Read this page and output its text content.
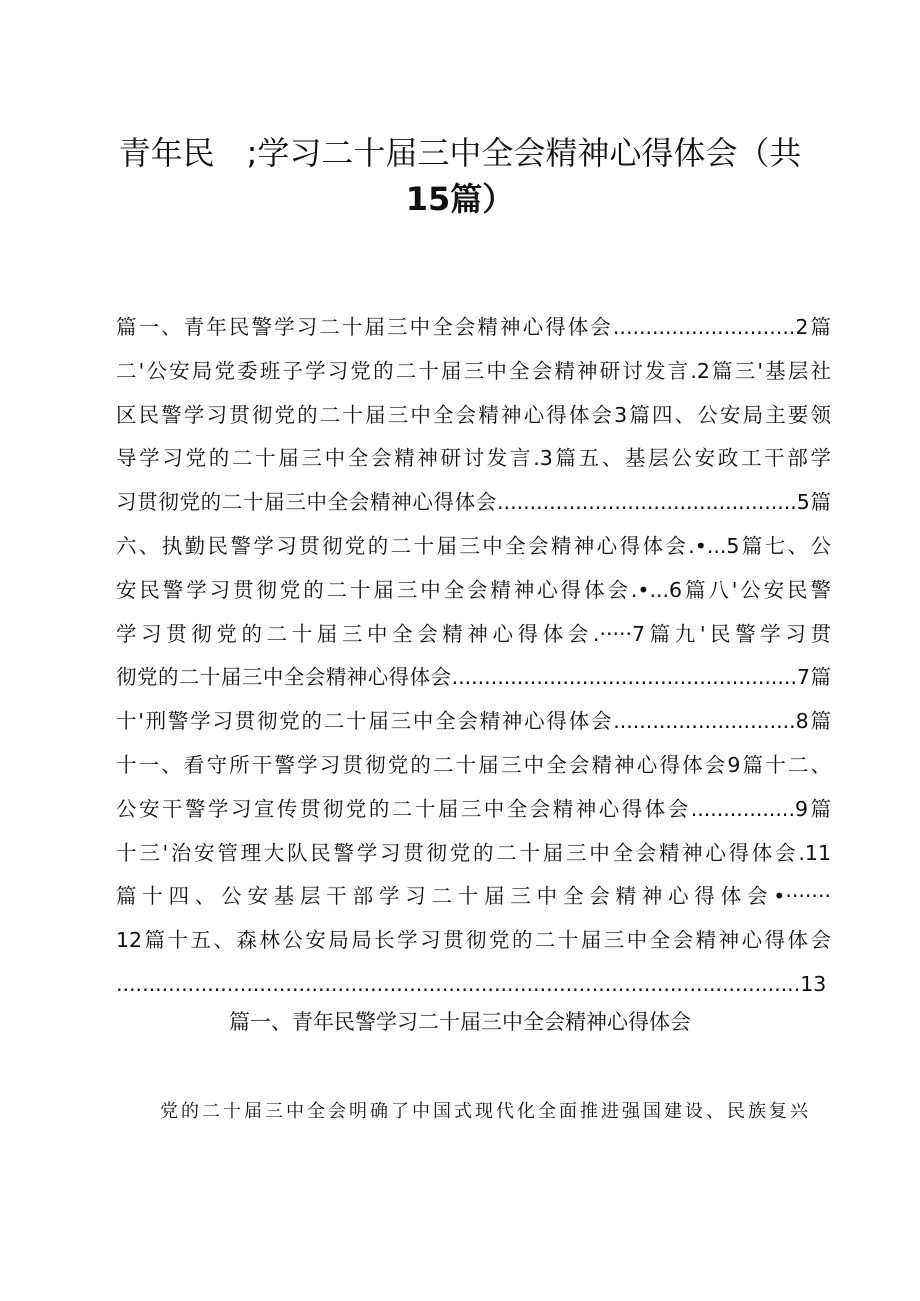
青年民　;学习二十届三中全会精神心得体会（共
15篇）
篇一、青年民警学习二十届三中全会精神心得体会............................2篇
二'公安局党委班子学习党的二十届三中全会精神研讨发言.2篇三'基层社
区民警学习贯彻党的二十届三中全会精神心得体会3篇四、公安局主要领
导学习党的二十届三中全会精神研讨发言.3篇五、基层公安政工干部学
习贯彻党的二十届三中全会精神心得体会..............................................5篇
六、执勤民警学习贯彻党的二十届三中全会精神心得体会.•...5篇七、公
安民警学习贯彻党的二十届三中全会精神心得体会.•...6篇八'公安民警
学习贯彻党的二十届三中全会精神心得体会.·····7篇九'民警学习贯
彻党的二十届三中全会精神心得体会.....................................................7篇
十'刑警学习贯彻党的二十届三中全会精神心得体会............................8篇
十一、看守所干警学习贯彻党的二十届三中全会精神心得体会9篇十二、
公安干警学习宣传贯彻党的二十届三中全会精神心得体会................9篇
十三'治安管理大队民警学习贯彻党的二十届三中全会精神心得体会.11
篇十四、公安基层干部学习二十届三中全会精神心得体会•·······
12篇十五、森林公安局局长学习贯彻党的二十届三中全会精神心得体会
.........................................................................................................13
篇一、青年民警学习二十届三中全会精神心得体会
党的二十届三中全会明确了中国式现代化全面推进强国建设、民族复兴
